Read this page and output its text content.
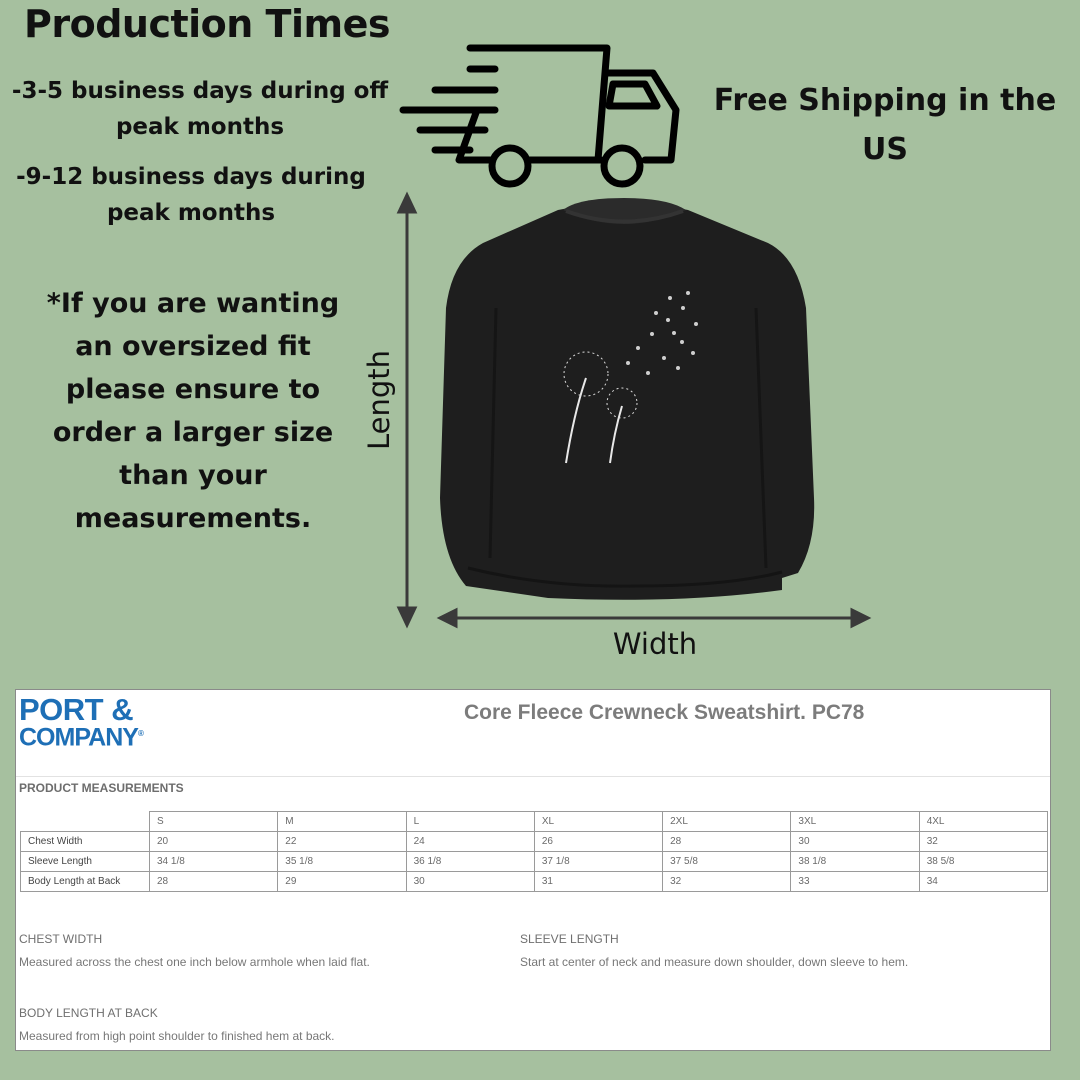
Production Times
-3-5 business days during off peak months
-9-12 business days during peak months
*If you are wanting an oversized fit please ensure to order a larger size than your measurements.
Free Shipping in the US
Length
Width
PORT &
COMPANY®
Core Fleece Crewneck Sweatshirt. PC78
PRODUCT MEASUREMENTS
	S	M	L	XL	2XL	3XL	4XL
Chest Width	20	22	24	26	28	30	32
Sleeve Length	34 1/8	35 1/8	36 1/8	37 1/8	37 5/8	38 1/8	38 5/8
Body Length at Back	28	29	30	31	32	33	34
CHEST WIDTH
Measured across the chest one inch below armhole when laid flat.
SLEEVE LENGTH
Start at center of neck and measure down shoulder, down sleeve to hem.
BODY LENGTH AT BACK
Measured from high point shoulder to finished hem at back.
